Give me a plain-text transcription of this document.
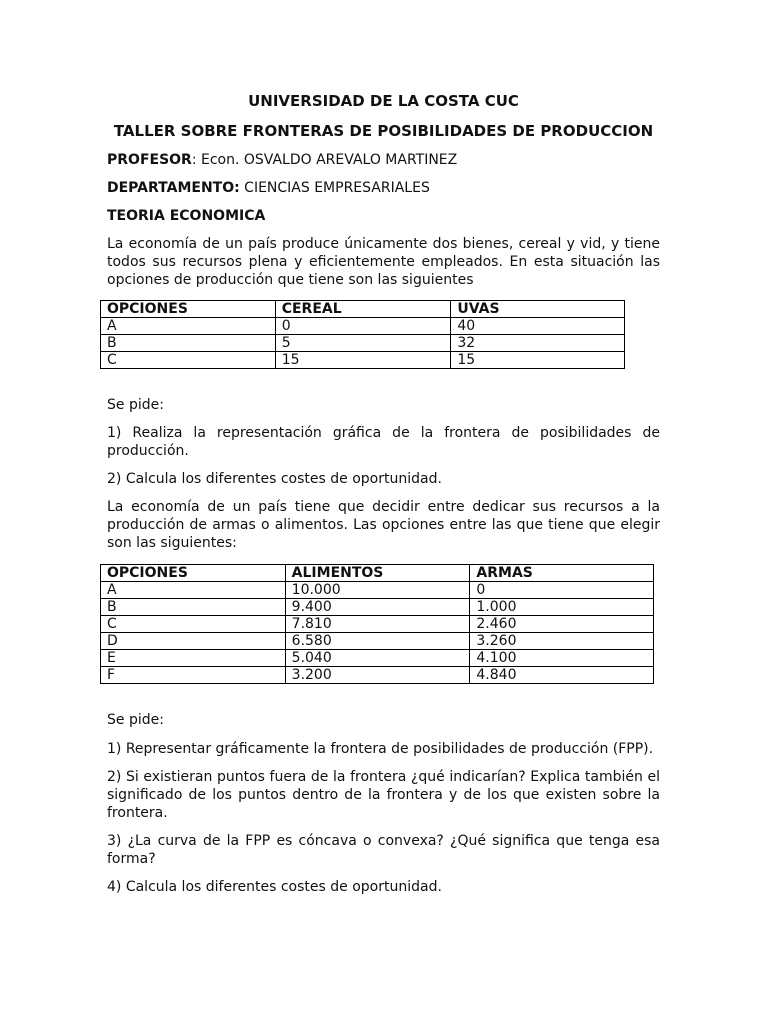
UNIVERSIDAD DE LA COSTA CUC

TALLER SOBRE FRONTERAS DE POSIBILIDADES DE PRODUCCION

PROFESOR: Econ. OSVALDO AREVALO MARTINEZ

DEPARTAMENTO: CIENCIAS EMPRESARIALES

TEORIA ECONOMICA

La economía de un país produce únicamente dos bienes, cereal y vid, y tiene todos sus recursos plena y eficientemente empleados. En esta situación las opciones de producción que tiene son las siguientes

OPCIONES	CEREAL	UVAS
A	0	40
B	5	32
C	15	15

Se pide:

1) Realiza la representación gráfica de la frontera de posibilidades de producción.

2) Calcula los diferentes costes de oportunidad.

La economía de un país tiene que decidir entre dedicar sus recursos a la producción de armas o alimentos. Las opciones entre las que tiene que elegir son las siguientes:

OPCIONES	ALIMENTOS	ARMAS
A	10.000	0
B	9.400	1.000
C	7.810	2.460
D	6.580	3.260
E	5.040	4.100
F	3.200	4.840

Se pide:

1) Representar gráficamente la frontera de posibilidades de producción (FPP).

2) Si existieran puntos fuera de la frontera ¿qué indicarían? Explica también el significado de los puntos dentro de la frontera y de los que existen sobre la frontera.

3) ¿La curva de la FPP es cóncava o convexa? ¿Qué significa que tenga esa forma?

4) Calcula los diferentes costes de oportunidad.
